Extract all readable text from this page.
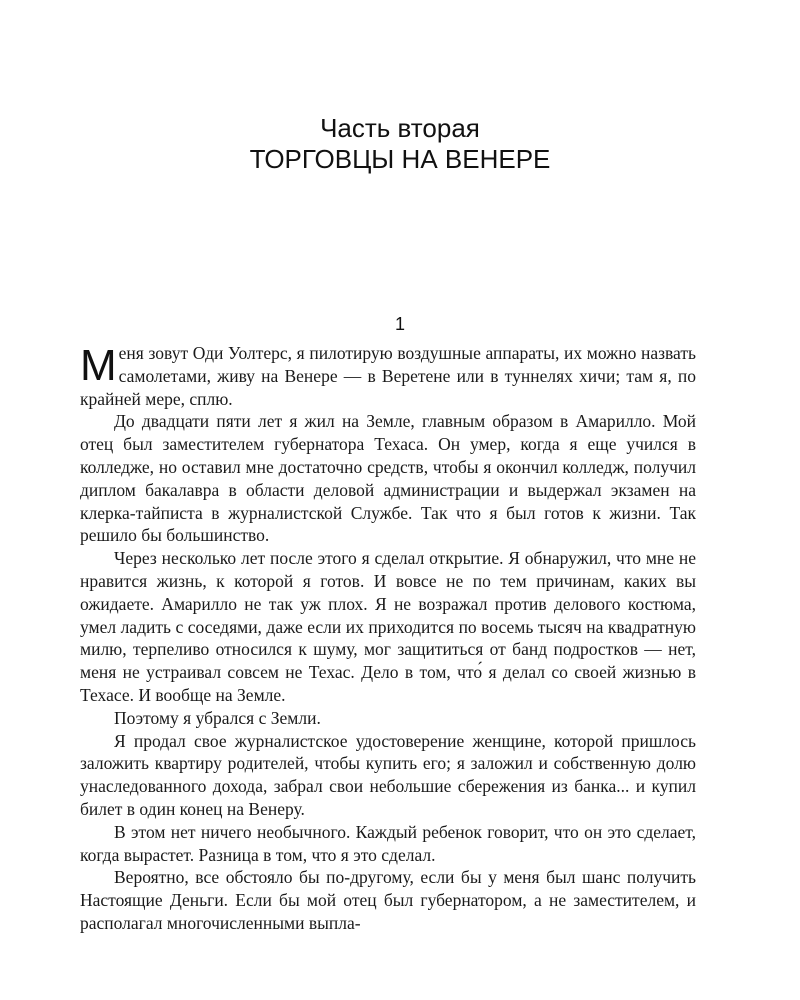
Часть вторая
ТОРГОВЦЫ НА ВЕНЕРЕ
1

Меня зовут Оди Уолтерс, я пилотирую воздушные аппараты, их можно назвать самолетами, живу на Венере — в Веретене или в туннелях хичи; там я, по крайней мере, сплю.

До двадцати пяти лет я жил на Земле, главным образом в Амарилло. Мой отец был заместителем губернатора Техаса. Он умер, когда я еще учился в колледже, но оставил мне достаточно средств, чтобы я окончил колледж, получил диплом бакалавра в области деловой администрации и выдержал экзамен на клерка-тайписта в журналистской Службе. Так что я был готов к жизни. Так решило бы большинство.

Через несколько лет после этого я сделал открытие. Я обнаружил, что мне не нравится жизнь, к которой я готов. И вовсе не по тем причинам, каких вы ожидаете. Амарилло не так уж плох. Я не возражал против делового костюма, умел ладить с соседями, даже если их приходится по восемь тысяч на квадратную милю, терпеливо относился к шуму, мог защититься от банд подростков — нет, меня не устраивал совсем не Техас. Дело в том, что́ я делал со своей жизнью в Техасе. И вообще на Земле.

Поэтому я убрался с Земли.

Я продал свое журналистское удостоверение женщине, которой пришлось заложить квартиру родителей, чтобы купить его; я заложил и собственную долю унаследованного дохода, забрал свои небольшие сбережения из банка... и купил билет в один конец на Венеру.

В этом нет ничего необычного. Каждый ребенок говорит, что он это сделает, когда вырастет. Разница в том, что я это сделал.

Вероятно, все обстояло бы по-другому, если бы у меня был шанс получить Настоящие Деньги. Если бы мой отец был губернатором, а не заместителем, и располагал многочисленными выпла-
